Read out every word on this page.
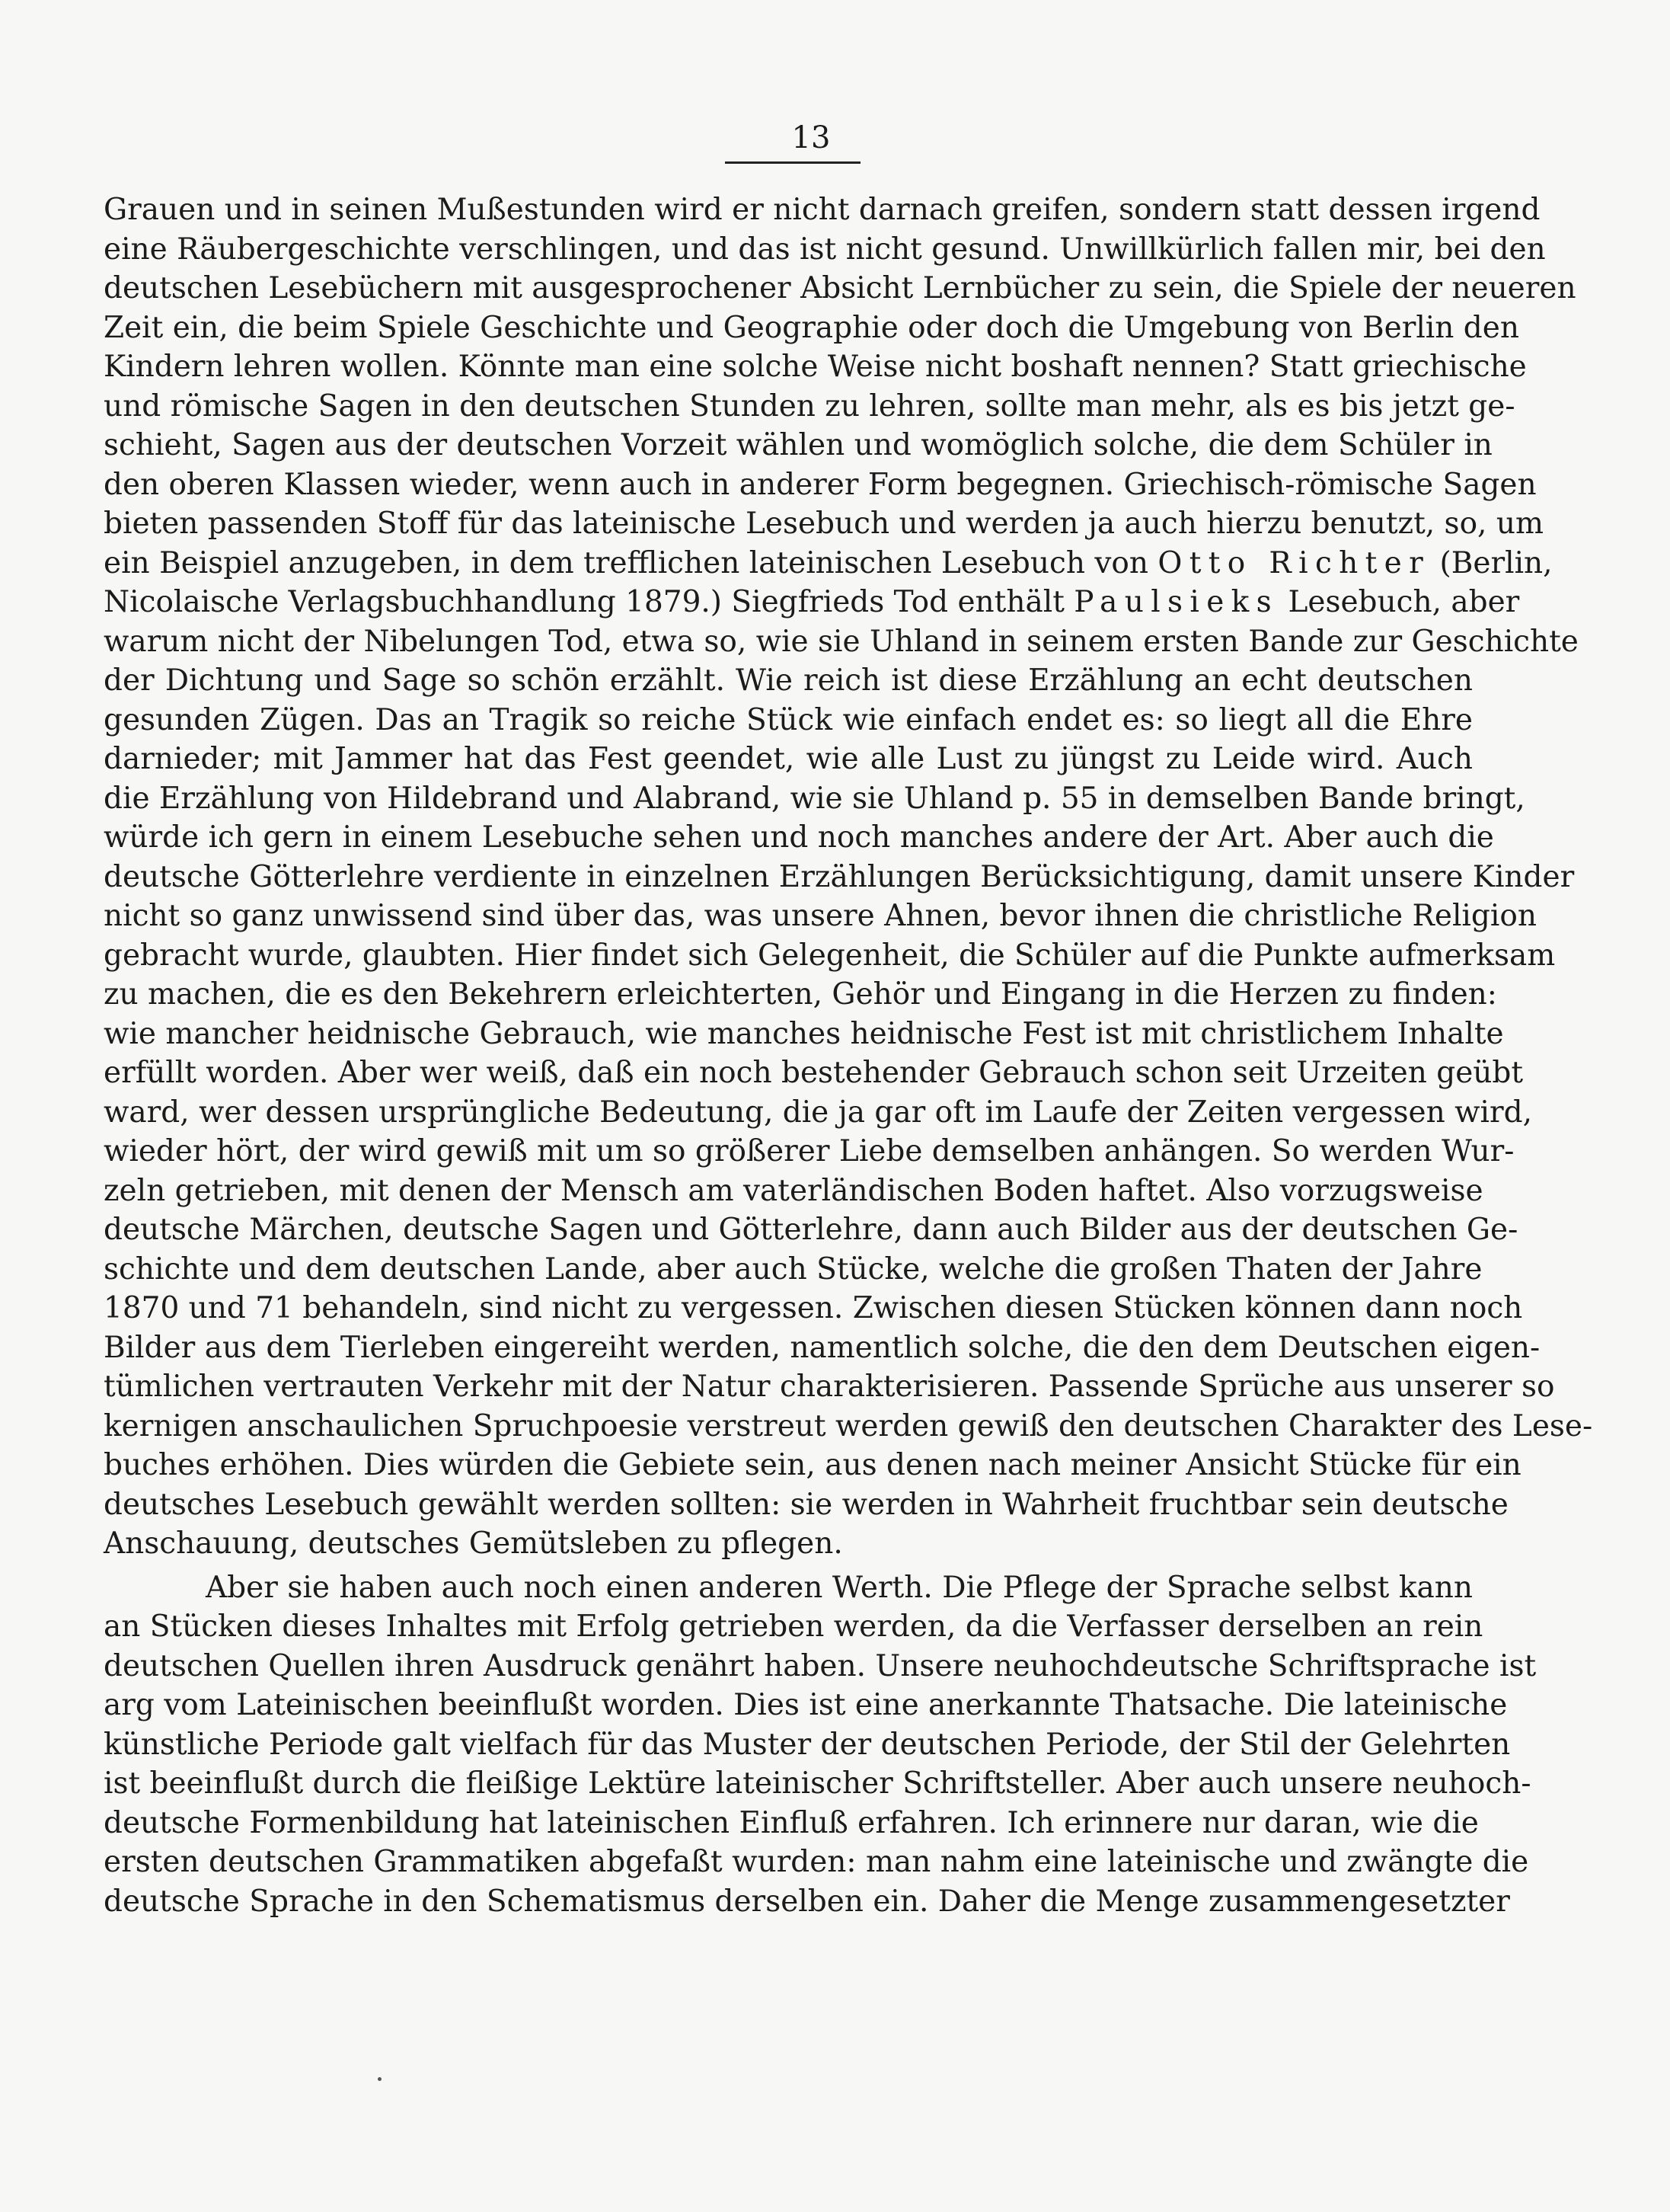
13
Grauen und in seinen Mußestunden wird er nicht darnach greifen, sondern statt dessen irgend
eine Räubergeschichte verschlingen, und das ist nicht gesund. Unwillkürlich fallen mir, bei den
deutschen Lesebüchern mit ausgesprochener Absicht Lernbücher zu sein, die Spiele der neueren
Zeit ein, die beim Spiele Geschichte und Geographie oder doch die Umgebung von Berlin den
Kindern lehren wollen. Könnte man eine solche Weise nicht boshaft nennen? Statt griechische
und römische Sagen in den deutschen Stunden zu lehren, sollte man mehr, als es bis jetzt ge-
schieht, Sagen aus der deutschen Vorzeit wählen und womöglich solche, die dem Schüler in
den oberen Klassen wieder, wenn auch in anderer Form begegnen. Griechisch-römische Sagen
bieten passenden Stoff für das lateinische Lesebuch und werden ja auch hierzu benutzt, so, um
ein Beispiel anzugeben, in dem trefflichen lateinischen Lesebuch von Otto Richter (Berlin,
Nicolaische Verlagsbuchhandlung 1879.) Siegfrieds Tod enthält Paulsieks Lesebuch, aber
warum nicht der Nibelungen Tod, etwa so, wie sie Uhland in seinem ersten Bande zur Geschichte
der Dichtung und Sage so schön erzählt. Wie reich ist diese Erzählung an echt deutschen
gesunden Zügen. Das an Tragik so reiche Stück wie einfach endet es: so liegt all die Ehre
darnieder; mit Jammer hat das Fest geendet, wie alle Lust zu jüngst zu Leide wird. Auch
die Erzählung von Hildebrand und Alabrand, wie sie Uhland p. 55 in demselben Bande bringt,
würde ich gern in einem Lesebuche sehen und noch manches andere der Art. Aber auch die
deutsche Götterlehre verdiente in einzelnen Erzählungen Berücksichtigung, damit unsere Kinder
nicht so ganz unwissend sind über das, was unsere Ahnen, bevor ihnen die christliche Religion
gebracht wurde, glaubten. Hier findet sich Gelegenheit, die Schüler auf die Punkte aufmerksam
zu machen, die es den Bekehrern erleichterten, Gehör und Eingang in die Herzen zu finden:
wie mancher heidnische Gebrauch, wie manches heidnische Fest ist mit christlichem Inhalte
erfüllt worden. Aber wer weiß, daß ein noch bestehender Gebrauch schon seit Urzeiten geübt
ward, wer dessen ursprüngliche Bedeutung, die ja gar oft im Laufe der Zeiten vergessen wird,
wieder hört, der wird gewiß mit um so größerer Liebe demselben anhängen. So werden Wur-
zeln getrieben, mit denen der Mensch am vaterländischen Boden haftet. Also vorzugsweise
deutsche Märchen, deutsche Sagen und Götterlehre, dann auch Bilder aus der deutschen Ge-
schichte und dem deutschen Lande, aber auch Stücke, welche die großen Thaten der Jahre
1870 und 71 behandeln, sind nicht zu vergessen. Zwischen diesen Stücken können dann noch
Bilder aus dem Tierleben eingereiht werden, namentlich solche, die den dem Deutschen eigen-
tümlichen vertrauten Verkehr mit der Natur charakterisieren. Passende Sprüche aus unserer so
kernigen anschaulichen Spruchpoesie verstreut werden gewiß den deutschen Charakter des Lese-
buches erhöhen. Dies würden die Gebiete sein, aus denen nach meiner Ansicht Stücke für ein
deutsches Lesebuch gewählt werden sollten: sie werden in Wahrheit fruchtbar sein deutsche
Anschauung, deutsches Gemütsleben zu pflegen.
Aber sie haben auch noch einen anderen Werth. Die Pflege der Sprache selbst kann
an Stücken dieses Inhaltes mit Erfolg getrieben werden, da die Verfasser derselben an rein
deutschen Quellen ihren Ausdruck genährt haben. Unsere neuhochdeutsche Schriftsprache ist
arg vom Lateinischen beeinflußt worden. Dies ist eine anerkannte Thatsache. Die lateinische
künstliche Periode galt vielfach für das Muster der deutschen Periode, der Stil der Gelehrten
ist beeinflußt durch die fleißige Lektüre lateinischer Schriftsteller. Aber auch unsere neuhoch-
deutsche Formenbildung hat lateinischen Einfluß erfahren. Ich erinnere nur daran, wie die
ersten deutschen Grammatiken abgefaßt wurden: man nahm eine lateinische und zwängte die
deutsche Sprache in den Schematismus derselben ein. Daher die Menge zusammengesetzter
